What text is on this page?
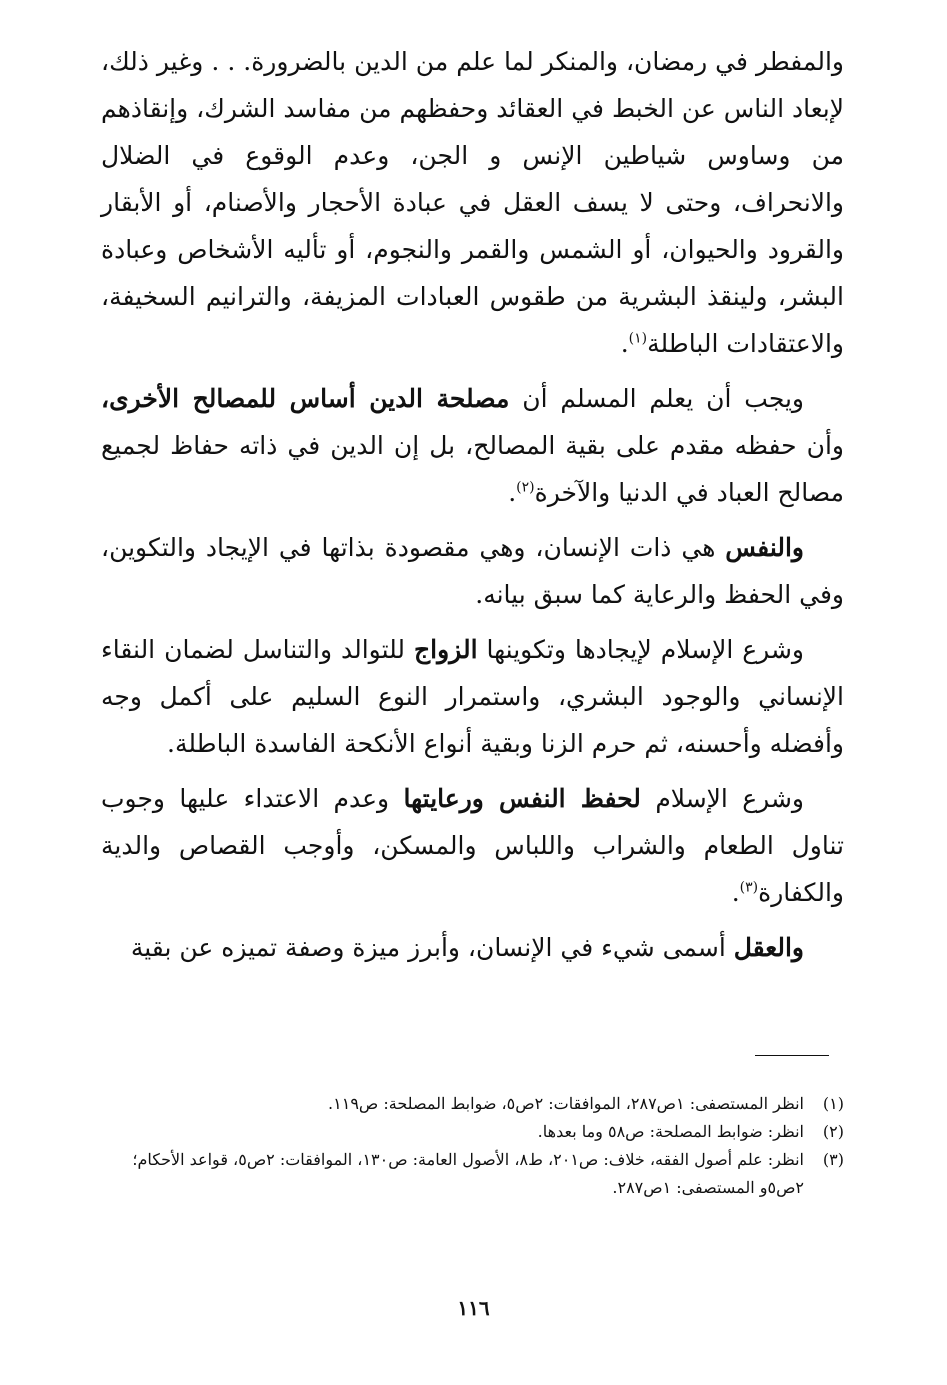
والمفطر في رمضان، والمنكر لما علم من الدين بالضرورة. . . وغير ذلك، لإبعاد الناس عن الخبط في العقائد وحفظهم من مفاسد الشرك، وإنقاذهم من وساوس شياطين الإنس و الجن، وعدم الوقوع في الضلال والانحراف، وحتى لا يسف العقل في عبادة الأحجار والأصنام، أو الأبقار والقرود والحيوان، أو الشمس والقمر والنجوم، أو تأليه الأشخاص وعبادة البشر، ولينقذ البشرية من طقوس العبادات المزيفة، والترانيم السخيفة، والاعتقادات الباطلة$^{(١)}$.

ويجب أن يعلم المسلم أن مصلحة الدين أساس للمصالح الأخرى، وأن حفظه مقدم على بقية المصالح، بل إن الدين في ذاته حفاظ لجميع مصالح العباد في الدنيا والآخرة$^{(٢)}$.

والنفس هي ذات الإنسان، وهي مقصودة بذاتها في الإيجاد والتكوين، وفي الحفظ والرعاية كما سبق بيانه.

وشرع الإسلام لإيجادها وتكوينها الزواج للتوالد والتناسل لضمان النقاء الإنساني والوجود البشري، واستمرار النوع السليم على أكمل وجه وأفضله وأحسنه، ثم حرم الزنا وبقية أنواع الأنكحة الفاسدة الباطلة.

وشرع الإسلام لحفظ النفس ورعايتها وعدم الاعتداء عليها وجوب تناول الطعام والشراب واللباس والمسكن، وأوجب القصاص والدية والكفارة$^{(٣)}$.

والعقل أسمى شيء في الإنسان، وأبرز ميزة وصفة تميزه عن بقية

(١)
انظر المستصفى: ١ص٢٨٧، الموافقات: ٢ص٥، ضوابط المصلحة: ص١١٩.
(٢)
انظر: ضوابط المصلحة: ص٥٨ وما بعدها.
(٣)
انظر: علم أصول الفقه، خلاف: ص٢٠١، ط٨، الأصول العامة: ص١٣٠، الموافقات: ٢ص٥، قواعد الأحكام؛ ٢ص٥و المستصفى: ١ص٢٨٧.
١١٦
